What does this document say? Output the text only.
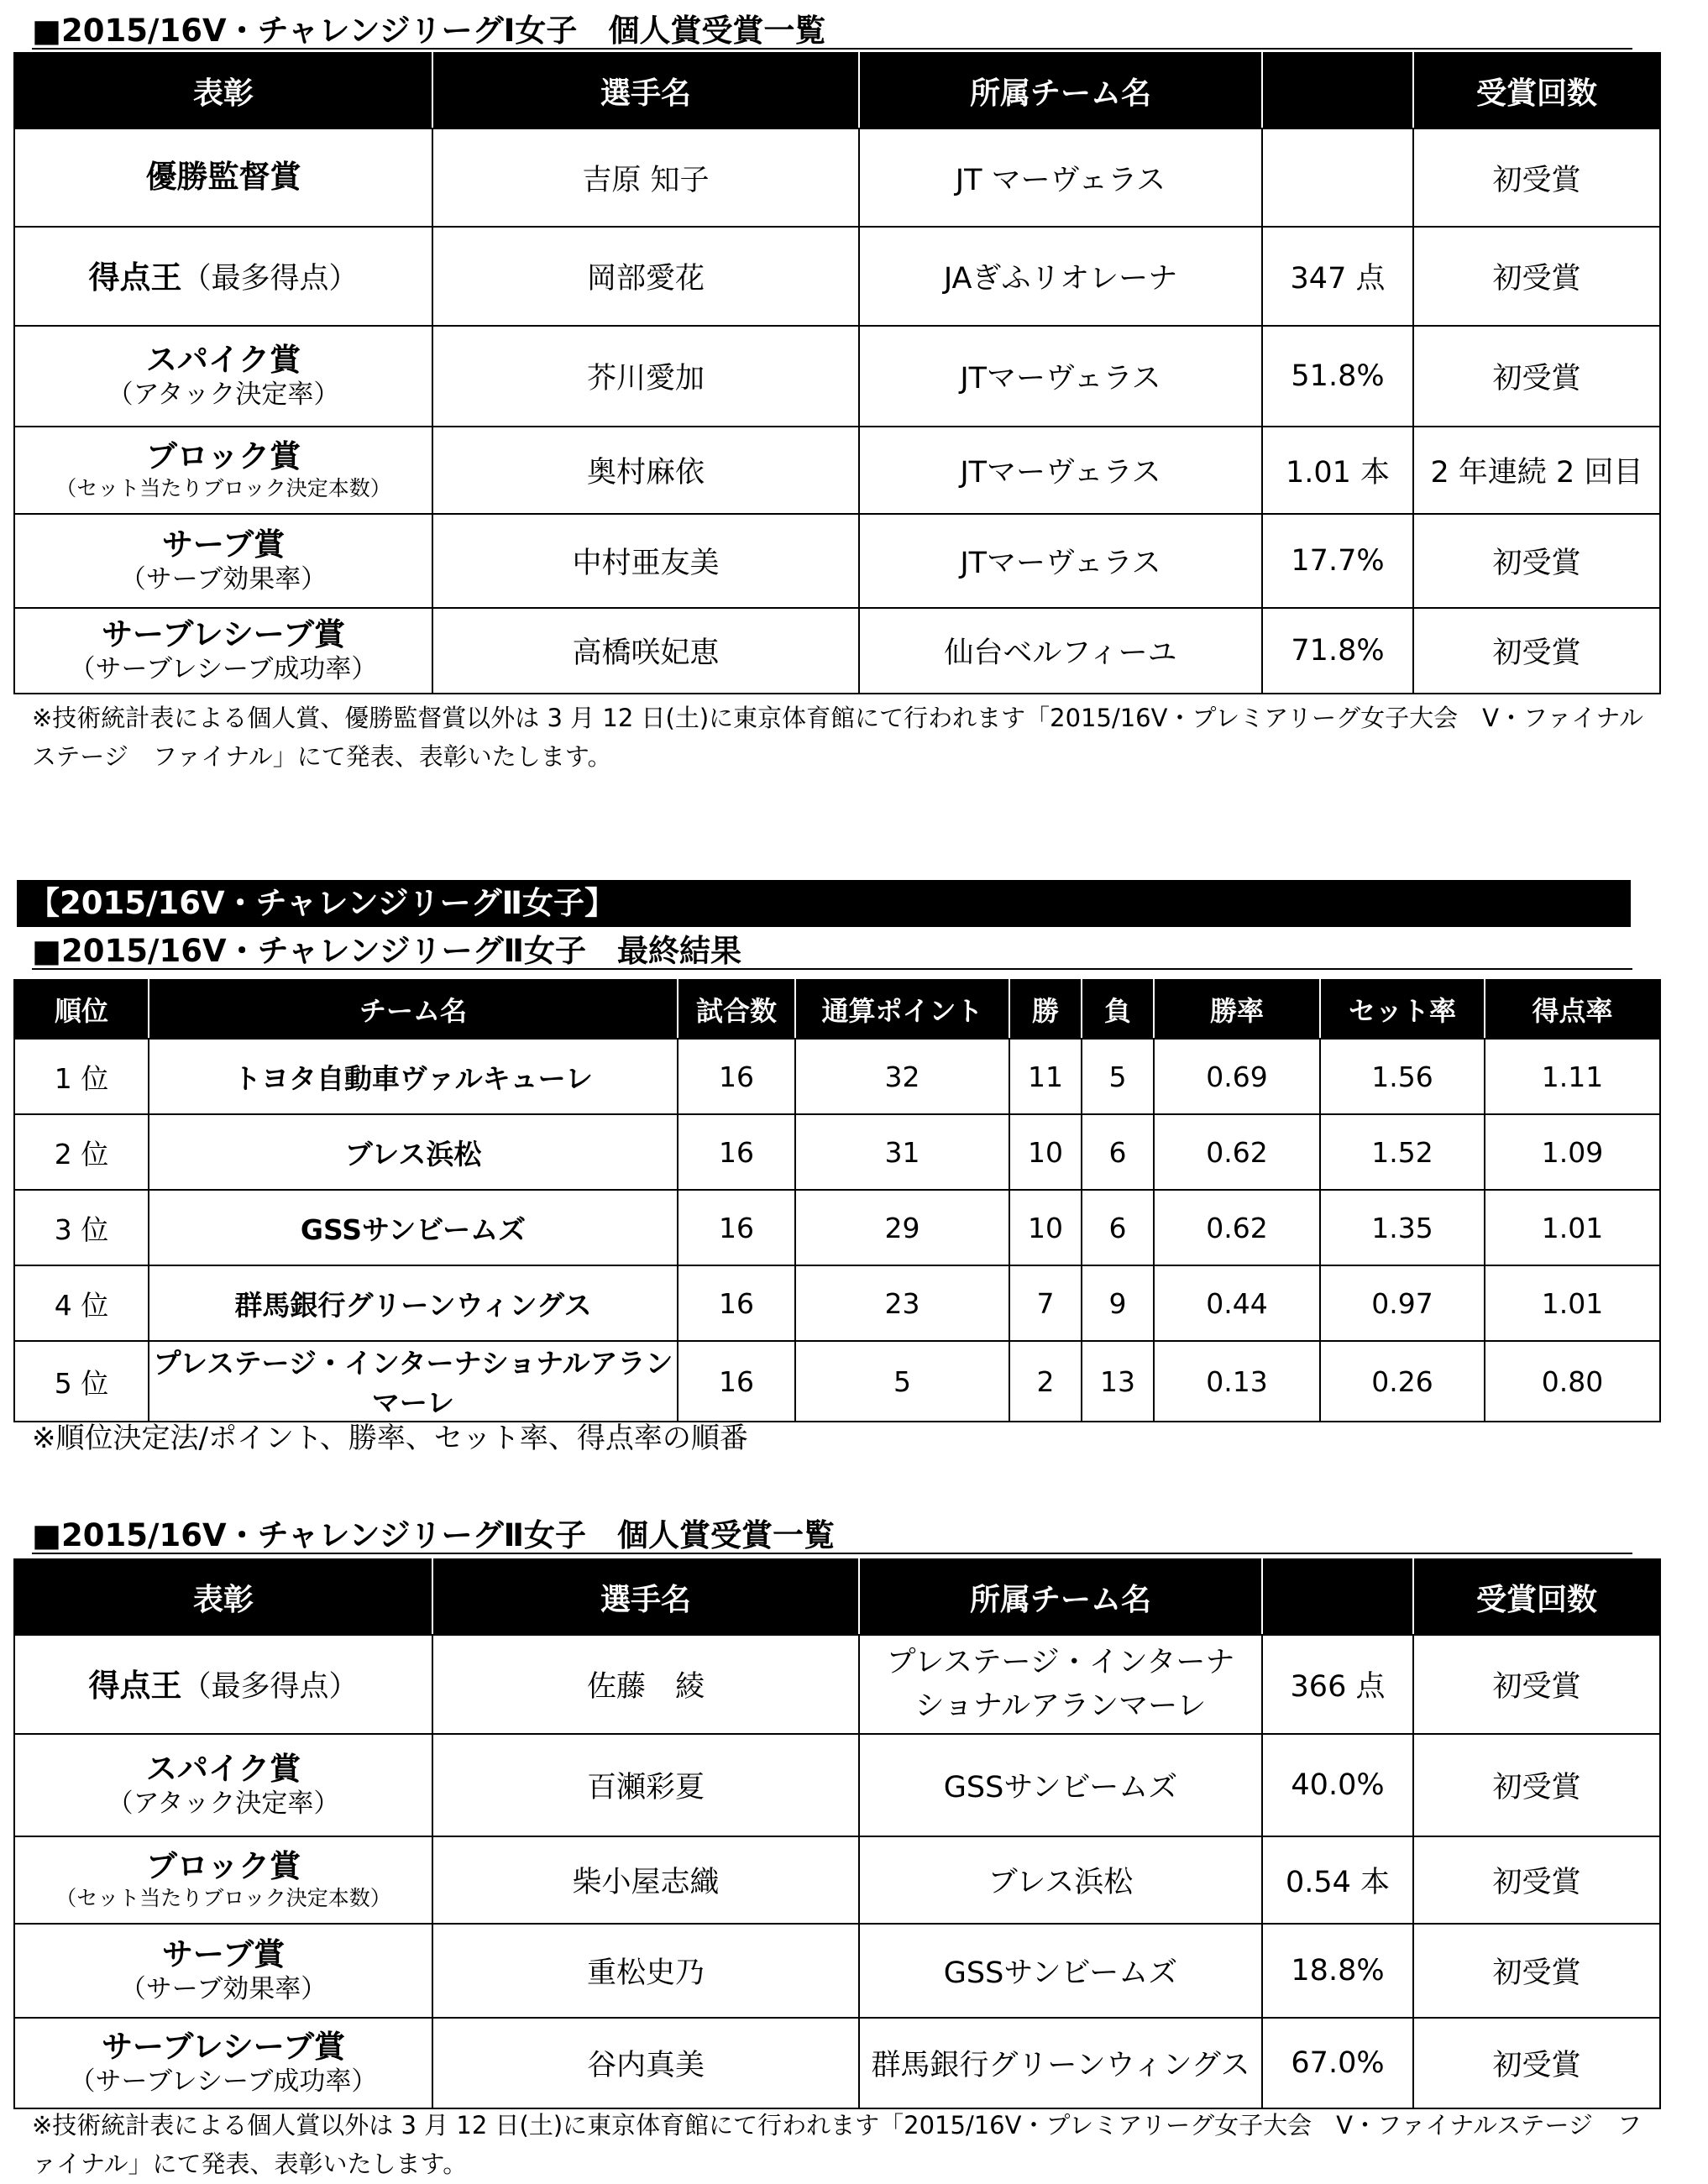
■2015/16V・チャレンジリーグⅠ女子　個人賞受賞一覧
表彰	選手名	所属チーム名		受賞回数

優勝監督賞	吉原 知子	JT マーヴェラス		初受賞
得点王（最多得点）	岡部愛花	JAぎふリオレーナ	347 点	初受賞

スパイク賞
（アタック決定率）	芥川愛加	JTマーヴェラス	51.8%	初受賞

ブロック賞
（セット当たりブロック決定本数）	奥村麻依	JTマーヴェラス	1.01 本	2 年連続 2 回目

サーブ賞
（サーブ効果率）	中村亜友美	JTマーヴェラス	17.7%	初受賞

サーブレシーブ賞
（サーブレシーブ成功率）	高橋咲妃恵	仙台ベルフィーユ	71.8%	初受賞
※技術統計表による個人賞、優勝監督賞以外は 3 月 12 日(土)に東京体育館にて行われます「2015/16V・プレミアリーグ女子大会　V・ファイナルステージ　ファイナル」にて発表、表彰いたします。
【2015/16V・チャレンジリーグⅡ女子】
■2015/16V・チャレンジリーグⅡ女子　最終結果
順位	チーム名	試合数	通算ポイント	勝	負	勝率	セット率	得点率
1 位	トヨタ自動車ヴァルキューレ	16	32	11	5	0.69	1.56	1.11
2 位	ブレス浜松	16	31	10	6	0.62	1.52	1.09
3 位	GSSサンビームズ	16	29	10	6	0.62	1.35	1.01
4 位	群馬銀行グリーンウィングス	16	23	7	9	0.44	0.97	1.01
5 位	プレステージ・インターナショナルアランマーレ	16	5	2	13	0.13	0.26	0.80
※順位決定法/ポイント、勝率、セット率、得点率の順番
■2015/16V・チャレンジリーグⅡ女子　個人賞受賞一覧
表彰	選手名	所属チーム名		受賞回数
得点王（最多得点）	佐藤　綾	プレステージ・インターナショナルアランマーレ	366 点	初受賞

スパイク賞
（アタック決定率）	百瀬彩夏	GSSサンビームズ	40.0%	初受賞

ブロック賞
（セット当たりブロック決定本数）	柴小屋志織	ブレス浜松	0.54 本	初受賞

サーブ賞
（サーブ効果率）	重松史乃	GSSサンビームズ	18.8%	初受賞

サーブレシーブ賞
（サーブレシーブ成功率）	谷内真美	群馬銀行グリーンウィングス	67.0%	初受賞
※技術統計表による個人賞以外は 3 月 12 日(土)に東京体育館にて行われます「2015/16V・プレミアリーグ女子大会　V・ファイナルステージ　ファイナル」にて発表、表彰いたします。
